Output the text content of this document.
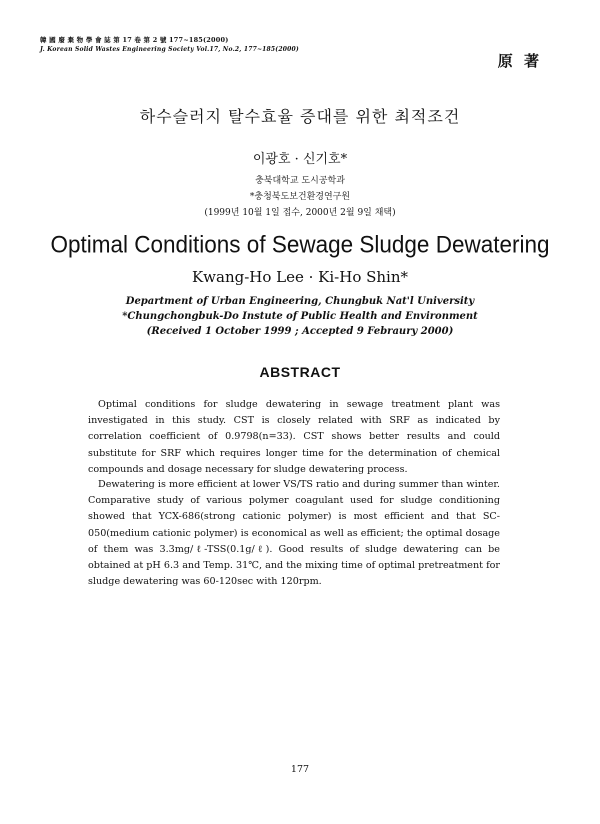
韓 國 廢 棄 物 學 會 誌 第 17 卷 第 2 號 177~185(2000)
J. Korean Solid Wastes Engineering Society Vol.17, No.2, 177~185(2000)
原 著
하수슬러지 탈수효율 증대를 위한 최적조건
이광호 · 신기호*
충북대학교 도시공학과
*충청북도보건환경연구원
(1999년 10월 1일 접수, 2000년 2월 9일 채택)
Optimal Conditions of Sewage Sludge Dewatering
Kwang-Ho Lee · Ki-Ho Shin*
Department of Urban Engineering, Chungbuk Nat'l University
*Chungchongbuk-Do Instute of Public Health and Environment
(Received 1 October 1999 ; Accepted 9 Febraury 2000)
ABSTRACT

Optimal conditions for sludge dewatering in sewage treatment plant was investigated in this study. CST is closely related with SRF as indicated by correlation coefficient of 0.9798(n=33). CST shows better results and could substitute for SRF which requires longer time for the determination of chemical compounds and dosage necessary for sludge dewatering process.

Dewatering is more efficient at lower VS/TS ratio and during summer than winter. Comparative study of various polymer coagulant used for sludge conditioning showed that YCX-686(strong cationic polymer) is most efficient and that SC-050(medium cationic polymer) is economical as well as efficient; the optimal dosage of them was 3.3mg/ℓ-TSS(0.1g/ℓ). Good results of sludge dewatering can be obtained at pH 6.3 and Temp. 31℃, and the mixing time of optimal pretreatment for sludge dewatering was 60-120sec with 120rpm.

177
